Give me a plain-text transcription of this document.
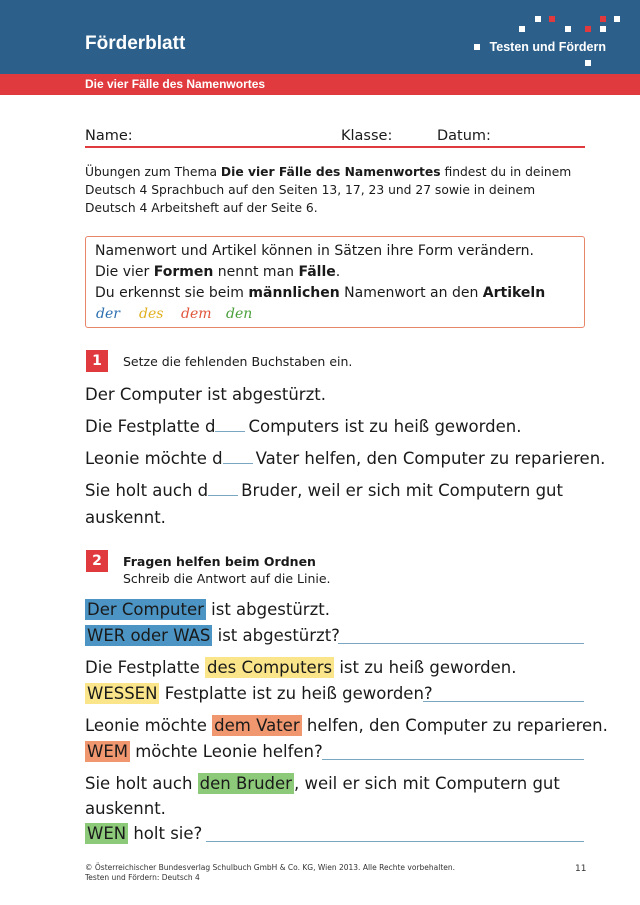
Förderblatt	Testen und Fördern
Die vier Fälle des Namenwortes
Name:	Klasse:	Datum:
Übungen zum Thema Die vier Fälle des Namenwortes findest du in deinem Deutsch 4 Sprachbuch auf den Seiten 13, 17, 23 und 27 sowie in deinem Deutsch 4 Arbeitsheft auf der Seite 6.
Namenwort und Artikel können in Sätzen ihre Form verändern.
Die vier Formen nennt man Fälle.
Du erkennst sie beim männlichen Namenwort an den Artikeln
der des dem den
1	Setze die fehlenden Buchstaben ein.
Der Computer ist abgestürzt.
Die Festplatte d Computers ist zu heiß geworden.
Leonie möchte d Vater helfen, den Computer zu reparieren.
Sie holt auch d Bruder, weil er sich mit Computern gut
auskennt.
2	Fragen helfen beim Ordnen
Schreib die Antwort auf die Linie.
Der Computer ist abgestürzt.
WER oder WAS ist abgestürzt?
Die Festplatte des Computers ist zu heiß geworden.
WESSEN Festplatte ist zu heiß geworden?
Leonie möchte dem Vater helfen, den Computer zu reparieren.
WEM möchte Leonie helfen?
Sie holt auch den Bruder , weil er sich mit Computern gut
auskennt.
WEN holt sie?
© Österreichischer Bundesverlag Schulbuch GmbH & Co. KG, Wien 2013. Alle Rechte vorbehalten.
Testen und Fördern: Deutsch 4
11
